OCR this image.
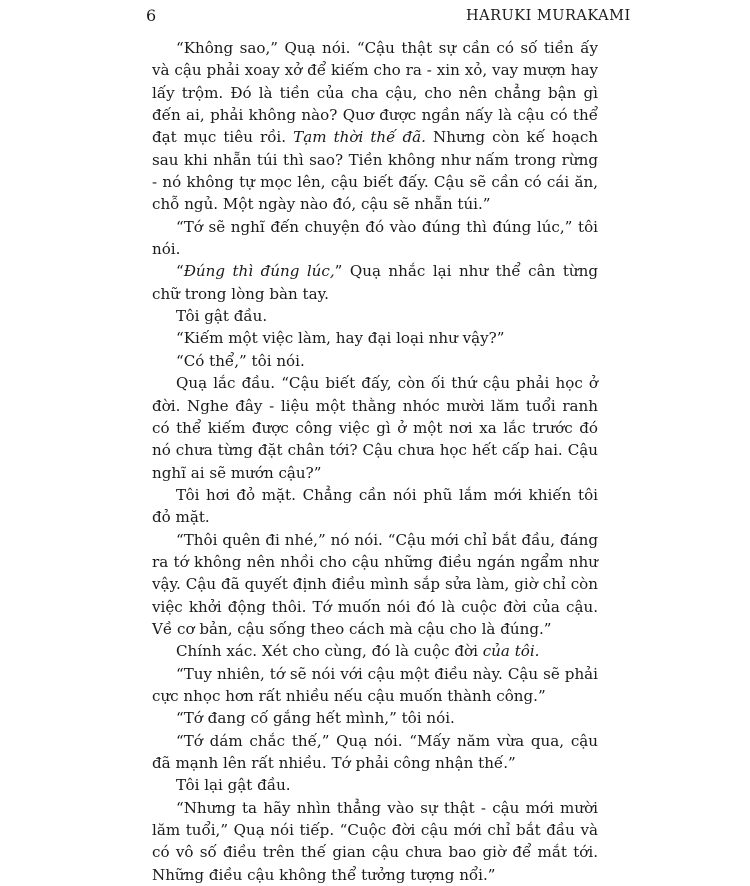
6	HARUKI MURAKAMI

“Không sao,” Quạ nói. “Cậu thật sự cần có số tiền ấy và cậu phải xoay xở để kiếm cho ra - xin xỏ, vay mượn hay lấy trộm. Đó là tiền của cha cậu, cho nên chẳng bận gì đến ai, phải không nào? Quơ được ngần nấy là cậu có thể đạt mục tiêu rồi. Tạm thời thế đã. Nhưng còn kế hoạch sau khi nhẵn túi thì sao? Tiền không như nấm trong rừng - nó không tự mọc lên, cậu biết đấy. Cậu sẽ cần có cái ăn, chỗ ngủ. Một ngày nào đó, cậu sẽ nhẵn túi.”

“Tớ sẽ nghĩ đến chuyện đó vào đúng thì đúng lúc,” tôi nói.

“Đúng thì đúng lúc,” Quạ nhắc lại như thể cân từng chữ trong lòng bàn tay.

Tôi gật đầu.

“Kiếm một việc làm, hay đại loại như vậy?”

“Có thể,” tôi nói.

Quạ lắc đầu. “Cậu biết đấy, còn ối thứ cậu phải học ở đời. Nghe đây - liệu một thằng nhóc mười lăm tuổi ranh có thể kiếm được công việc gì ở một nơi xa lắc trước đó nó chưa từng đặt chân tới? Cậu chưa học hết cấp hai. Cậu nghĩ ai sẽ mướn cậu?”

Tôi hơi đỏ mặt. Chẳng cần nói phũ lắm mới khiến tôi đỏ mặt.

“Thôi quên đi nhé,” nó nói. “Cậu mới chỉ bắt đầu, đáng ra tớ không nên nhồi cho cậu những điều ngán ngẩm như vậy. Cậu đã quyết định điều mình sắp sửa làm, giờ chỉ còn việc khởi động thôi. Tớ muốn nói đó là cuộc đời của cậu. Về cơ bản, cậu sống theo cách mà cậu cho là đúng.”

Chính xác. Xét cho cùng, đó là cuộc đời của tôi.

“Tuy nhiên, tớ sẽ nói với cậu một điều này. Cậu sẽ phải cực nhọc hơn rất nhiều nếu cậu muốn thành công.”

“Tớ đang cố gắng hết mình,” tôi nói.

“Tớ dám chắc thế,” Quạ nói. “Mấy năm vừa qua, cậu đã mạnh lên rất nhiều. Tớ phải công nhận thế.”

Tôi lại gật đầu.

“Nhưng ta hãy nhìn thẳng vào sự thật - cậu mới mười lăm tuổi,” Quạ nói tiếp. “Cuộc đời cậu mới chỉ bắt đầu và có vô số điều trên thế gian cậu chưa bao giờ để mắt tới. Những điều cậu không thể tưởng tượng nổi.”
